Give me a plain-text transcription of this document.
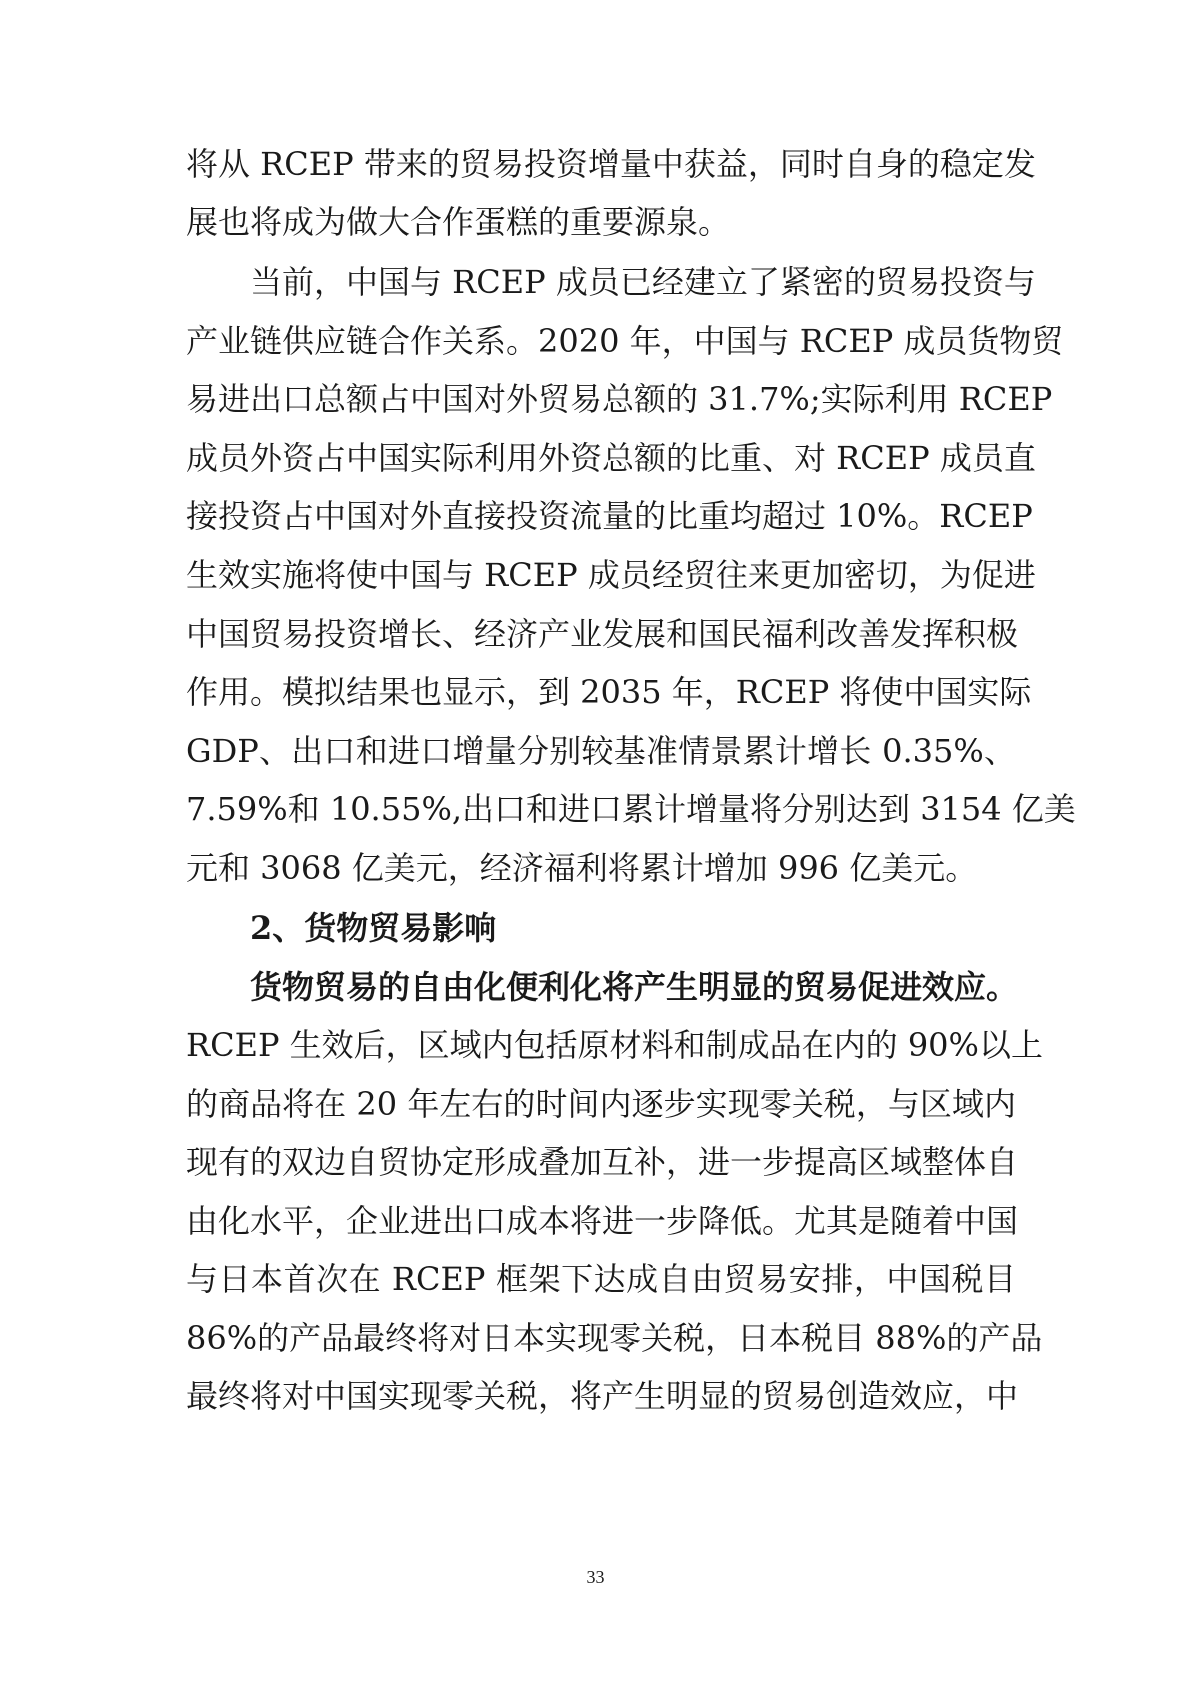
将从 RCEP 带来的贸易投资增量中获益，同时自身的稳定发
展也将成为做大合作蛋糕的重要源泉。
当前，中国与 RCEP 成员已经建立了紧密的贸易投资与
产业链供应链合作关系。2020 年，中国与 RCEP 成员货物贸
易进出口总额占中国对外贸易总额的 31.7%;实际利用 RCEP
成员外资占中国实际利用外资总额的比重、对 RCEP 成员直
接投资占中国对外直接投资流量的比重均超过 10%。RCEP
生效实施将使中国与 RCEP 成员经贸往来更加密切，为促进
中国贸易投资增长、经济产业发展和国民福利改善发挥积极
作用。模拟结果也显示，到 2035 年，RCEP 将使中国实际
GDP、出口和进口增量分别较基准情景累计增长 0.35%、
7.59%和 10.55%,出口和进口累计增量将分别达到 3154 亿美
元和 3068 亿美元，经济福利将累计增加 996 亿美元。
2、货物贸易影响
货物贸易的自由化便利化将产生明显的贸易促进效应。
RCEP 生效后，区域内包括原材料和制成品在内的 90%以上
的商品将在 20 年左右的时间内逐步实现零关税，与区域内
现有的双边自贸协定形成叠加互补，进一步提高区域整体自
由化水平，企业进出口成本将进一步降低。尤其是随着中国
与日本首次在 RCEP 框架下达成自由贸易安排，中国税目
86%的产品最终将对日本实现零关税，日本税目 88%的产品
最终将对中国实现零关税，将产生明显的贸易创造效应，中
33
